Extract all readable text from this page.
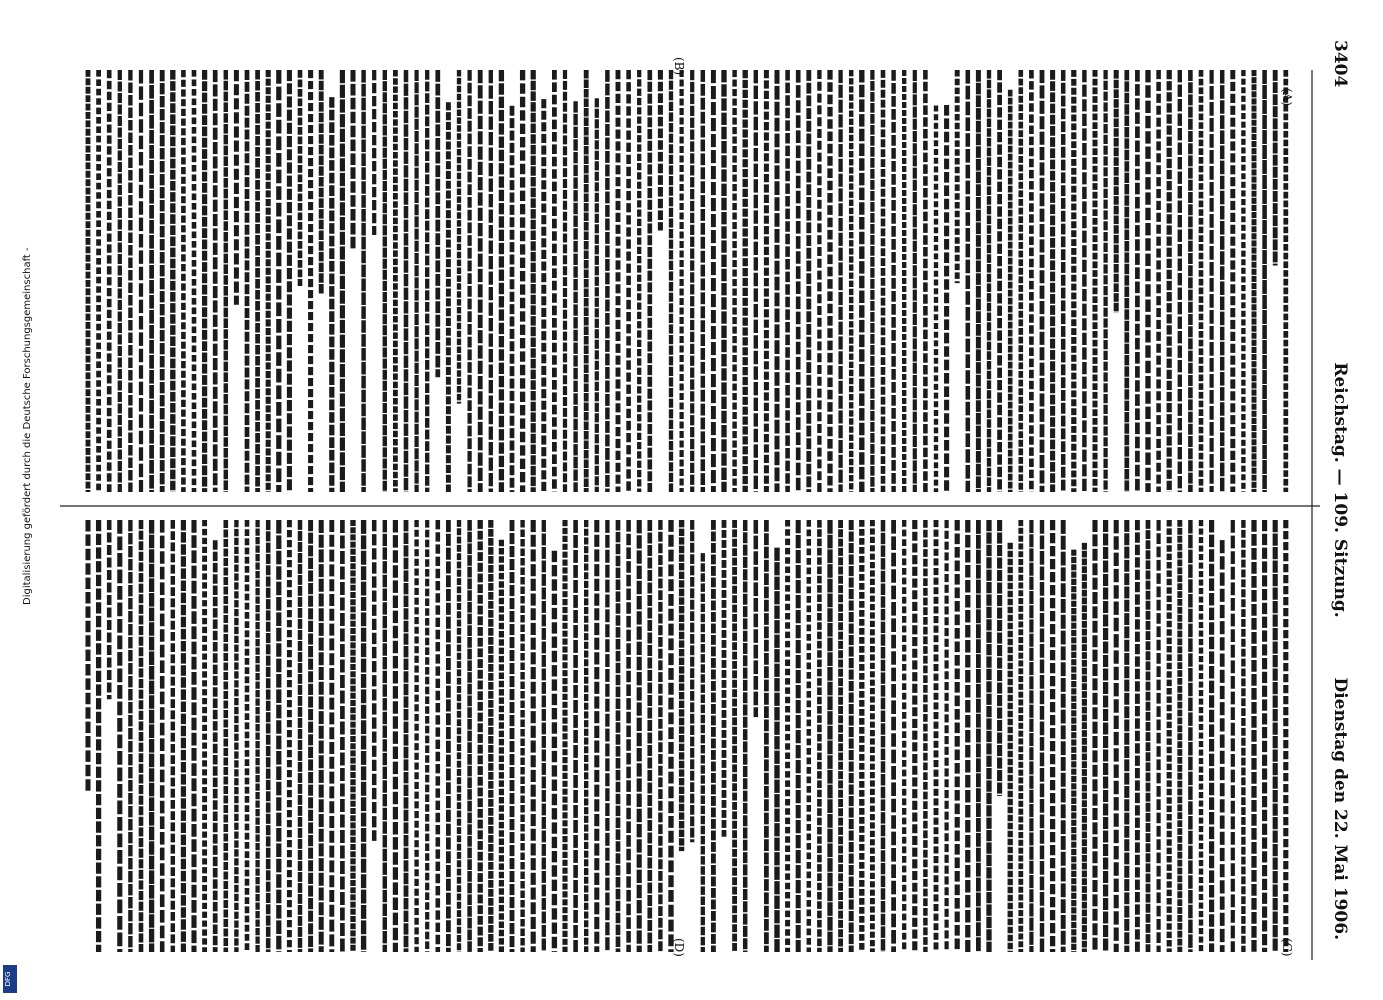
DFG
3404
Reichstag. — 109. Sitzung.
Dienstag den 22. Mai 1906.
(A)
(B)
(C)
(D)
Digitalisierung gefördert durch die Deutsche Forschungsgemeinschaft -
